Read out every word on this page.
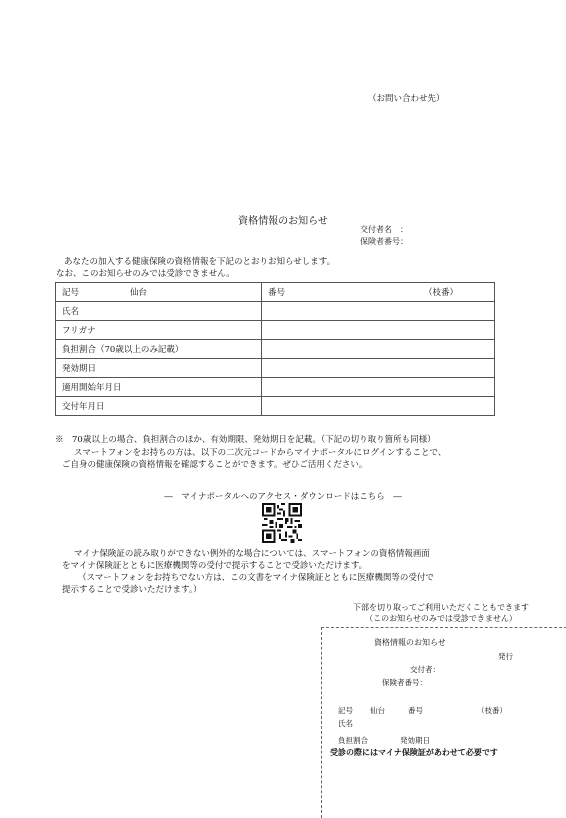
（お問い合わせ先）
資格情報のお知らせ
交付者名　：
保険者番号：
あなたの加入する健康保険の資格情報を下記のとおりお知らせします。
なお、このお知らせのみでは受診できません。
記号 仙台	番号 （枝番）

氏名	
フリガナ	
負担割合（70歳以上のみ記載）	
発効期日	
適用開始年月日	
交付年月日	
※　70歳以上の場合、負担割合のほか、有効期限、発効期日を記載。（下記の切り取り箇所も同様）
スマートフォンをお持ちの方は、以下の二次元コードからマイナポータルにログインすることで、
ご自身の健康保険の資格情報を確認することができます。ぜひご活用ください。
―　マイナポータルへのアクセス・ダウンロードはこちら　―
マイナ保険証の読み取りができない例外的な場合については、スマートフォンの資格情報画面
をマイナ保険証とともに医療機関等の受付で提示することで受診いただけます。
（スマートフォンをお持ちでない方は、この文書をマイナ保険証とともに医療機関等の受付で
提示することで受診いただけます。）
下部を切り取ってご利用いただくこともできます
（このお知らせのみでは受診できません）
資格情報のお知らせ
発行
交付者：
保険者番号：
記号 仙台	番号	（枝番）
氏名
負担割合	発効期日
受診の際にはマイナ保険証があわせて必要です
